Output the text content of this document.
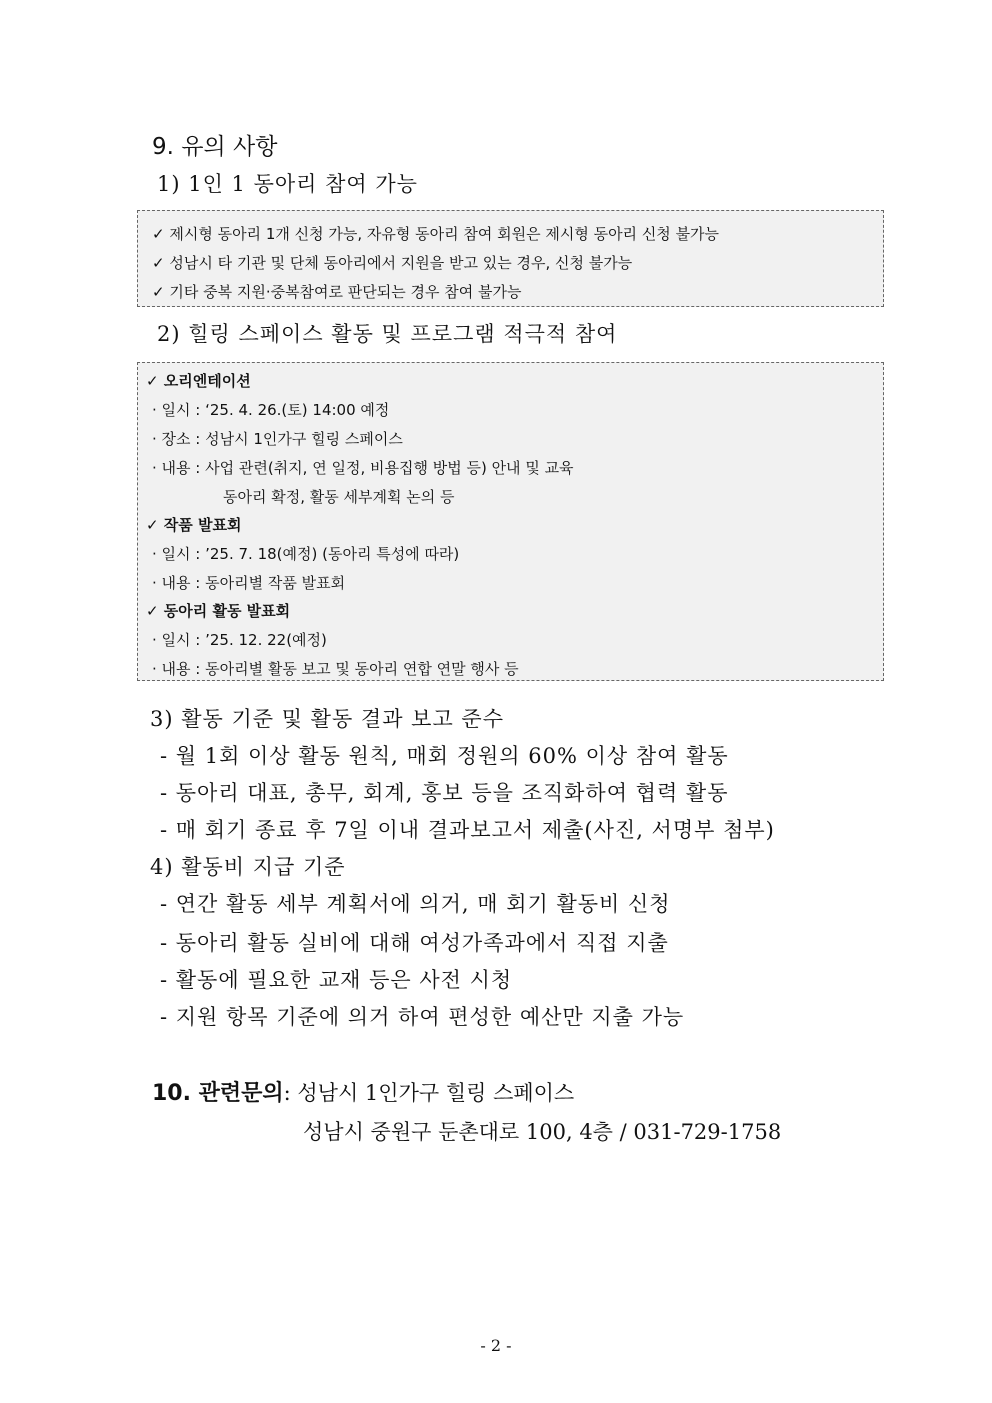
9. 유의 사항
1) 1인 1 동아리 참여 가능
✓ 제시형 동아리 1개 신청 가능, 자유형 동아리 참여 회원은 제시형 동아리 신청 불가능
✓ 성남시 타 기관 및 단체 동아리에서 지원을 받고 있는 경우, 신청 불가능
✓ 기타 중복 지원·중복참여로 판단되는 경우 참여 불가능
2) 힐링 스페이스 활동 및 프로그램 적극적 참여
✓ 오리엔테이션
· 일시 : ‘25. 4. 26.(토) 14:00 예정
· 장소 : 성남시 1인가구 힐링 스페이스
· 내용 : 사업 관련(취지, 연 일정, 비용집행 방법 등) 안내 및 교육
동아리 확정, 활동 세부계획 논의 등
✓ 작품 발표회
· 일시 : ’25. 7. 18(예정) (동아리 특성에 따라)
· 내용 : 동아리별 작품 발표회
✓ 동아리 활동 발표회
· 일시 : ’25. 12. 22(예정)
· 내용 : 동아리별 활동 보고 및 동아리 연합 연말 행사 등
3) 활동 기준 및 활동 결과 보고 준수
- 월 1회 이상 활동 원칙, 매회 정원의 60% 이상 참여 활동
- 동아리 대표, 총무, 회계, 홍보 등을 조직화하여 협력 활동
- 매 회기 종료 후 7일 이내 결과보고서 제출(사진, 서명부 첨부)
4) 활동비 지급 기준
- 연간 활동 세부 계획서에 의거, 매 회기 활동비 신청
- 동아리 활동 실비에 대해 여성가족과에서 직접 지출
- 활동에 필요한 교재 등은 사전 시청
- 지원 항목 기준에 의거 하여 편성한 예산만 지출 가능
10. 관련문의: 성남시 1인가구 힐링 스페이스
성남시 중원구 둔촌대로 100, 4층 / 031-729-1758
- 2 -
